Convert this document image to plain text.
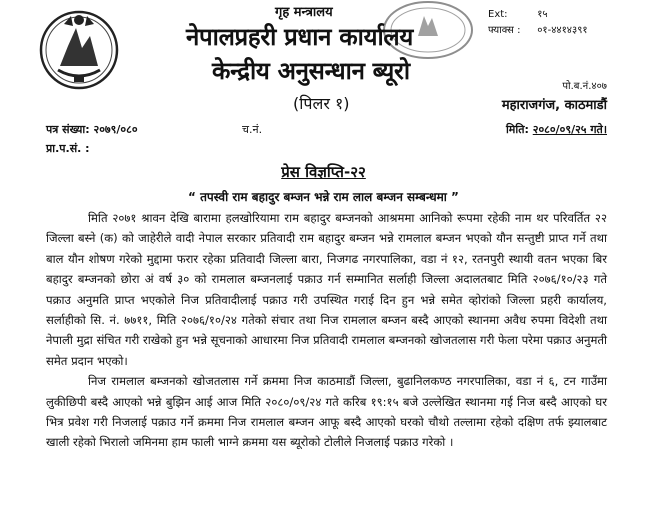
गृह मन्त्रालय
नेपालप्रहरी प्रधान कार्यालय
केन्द्रीय अनुसन्धान ब्यूरो
(पिलर १)
Ext:	१५
फ्याक्स : ०१-४४१४३९१
पो.ब.नं.४०७
महाराजगंज, काठमाडौं
पत्र संख्या: २०७९/०८०	च.नं.	मिति: २०८०/०९/२५ गते।
प्रा.प.सं. :
प्रेस विज्ञप्ति-२२
“ तपस्वी राम बहादुर बम्जन भन्ने राम लाल बम्जन सम्बन्धमा ”

मिति २०७१ श्रावन देखि बारामा हलखोरियामा राम बहादुर बम्जनको आश्रममा आनिको रूपमा रहेकी नाम थर परिवर्तित २२ जिल्ला बस्ने (क) को जाहेरीले वादी नेपाल सरकार प्रतिवादी राम बहादुर बम्जन भन्ने रामलाल बम्जन भएको यौन सन्तुष्टी प्राप्त गर्ने तथा बाल यौन शोषण गरेको मुद्दामा फरार रहेका प्रतिवादी जिल्ला बारा, निजगढ नगरपालिका, वडा नं १२, रतनपुरी स्थायी वतन भएका बिर बहादुर बम्जनको छोरा अं वर्ष ३० को रामलाल बम्जनलाई पक्राउ गर्न सम्मानित सर्लाही जिल्ला अदालतबाट मिति २०७६/१०/२३ गते पक्राउ अनुमति प्राप्त भएकोले निज प्रतिवादीलाई पक्राउ गरी उपस्थित गराई दिन हुन भन्ने समेत व्होरांको जिल्ला प्रहरी कार्यालय, सर्लाहीको सि. नं. ७७११, मिति २०७६/१०/२४ गतेको संचार तथा निज रामलाल बम्जन बस्दै आएको स्थानमा अवैध रुपमा विदेशी तथा नेपाली मुद्रा संचित गरी राखेको हुन भन्ने सूचनाको आधारमा निज प्रतिवादी रामलाल बम्जनको खोजतलास गरी फेला परेमा पक्राउ अनुमती समेत प्रदान भएको।

निज रामलाल बम्जनको खोजतलास गर्ने क्रममा निज काठमाडौं जिल्ला, बुढानिलकण्ठ नगरपालिका, वडा नं ६, टन गाउँमा लुकीछिपी बस्दै आएको भन्ने बुझिन आई आज मिति २०८०/०९/२४ गते करिब १९:१५ बजे उल्लेखित स्थानमा गई निज बस्दै आएको घर भित्र प्रवेश गरी निजलाई पक्राउ गर्ने क्रममा निज रामलाल बम्जन आफू बस्दै आएको घरको चौथो तल्लामा रहेको दक्षिण तर्फ झ्यालबाट खाली रहेको भिरालो जमिनमा हाम फाली भाग्ने क्रममा यस ब्यूरोको टोलीले निजलाई पक्राउ गरेको ।
